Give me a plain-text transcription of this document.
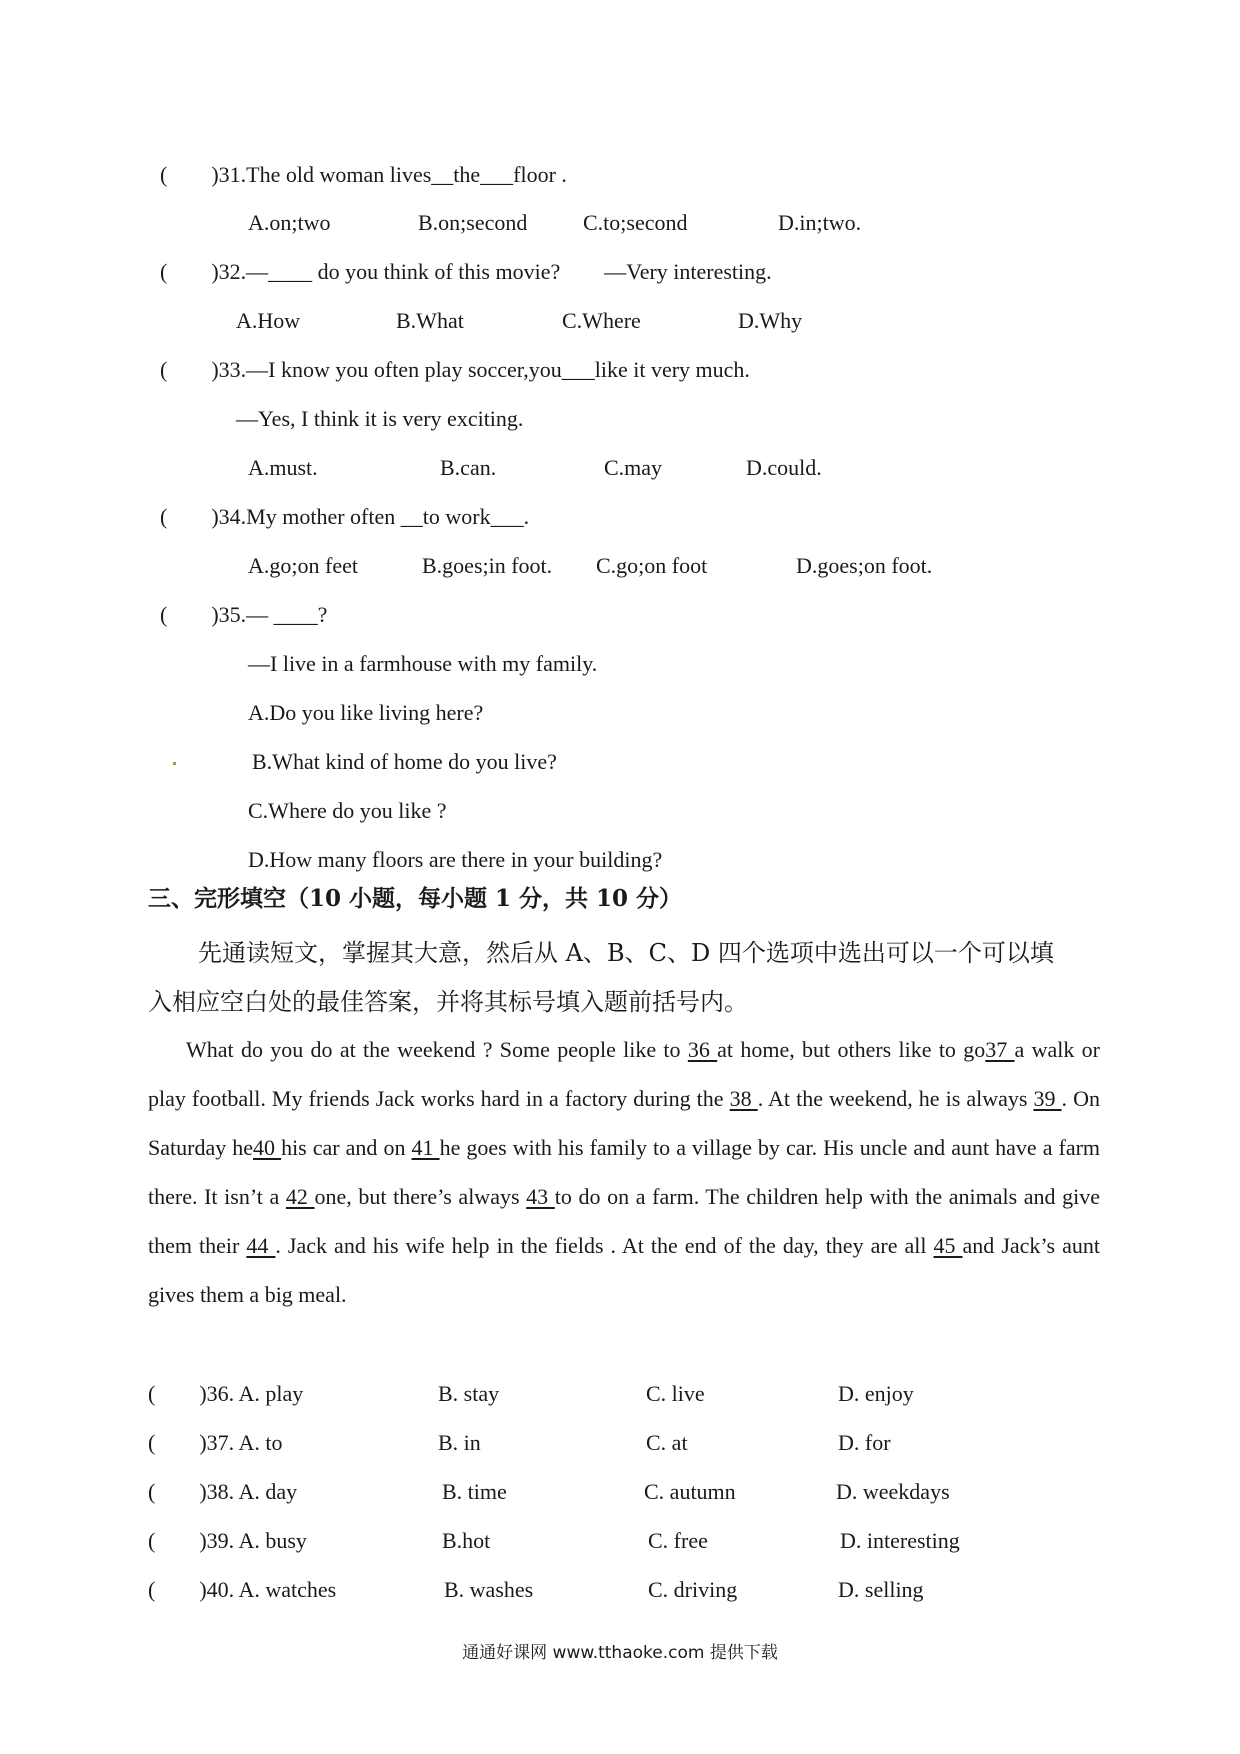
(　　)31.The old woman lives__the___floor .
A.on;two	B.on;second	C.to;second	D.in;two.
(　　)32.—____ do you think of this movie?　　—Very interesting.
A.How	B.What	C.Where	D.Why
(　　)33.—I know you often play soccer,you___like it very much.
—Yes, I think it is very exciting.
A.must.	B.can.	C.may	D.could.
(　　)34.My mother often __to work___.
A.go;on feet	B.goes;in foot. C.go;on foot	D.goes;on foot.
(　　)35.— ____?
—I live in a farmhouse with my family.
A.Do you like living here?
B.What kind of home do you live?
C.Where do you like ?
D.How many floors are there in your building?
三、完形填空（10 小题，每小题 1 分，共 10 分）
先通读短文，掌握其大意，然后从 A、B、C、D 四个选项中选出可以一个可以填
入相应空白处的最佳答案，并将其标号填入题前括号内。
What do you do at the weekend ? Some people like to 36 at home, but others like to go37 a walk or play football. My friends Jack works hard in a factory during the 38 . At the weekend, he is always 39 . On Saturday he40 his car and on 41 he goes with his family to a village by car. His uncle and aunt have a farm there. It isn’t a 42 one, but there’s always 43 to do on a farm. The children help with the animals and give them their 44 . Jack and his wife help in the fields . At the end of the day, they are all 45 and Jack’s aunt gives them a big meal.
(　　)36. A. play	B. stay	C. live	D. enjoy
(　　)37. A. to	B. in	C. at	D. for
(　　)38. A. day	B. time	C. autumn	D. weekdays
(　　)39. A. busy	B.hot	C. free	D. interesting
(　　)40. A. watches	B. washes	C. driving	D. selling
通通好课网 www.tthaoke.com 提供下载
